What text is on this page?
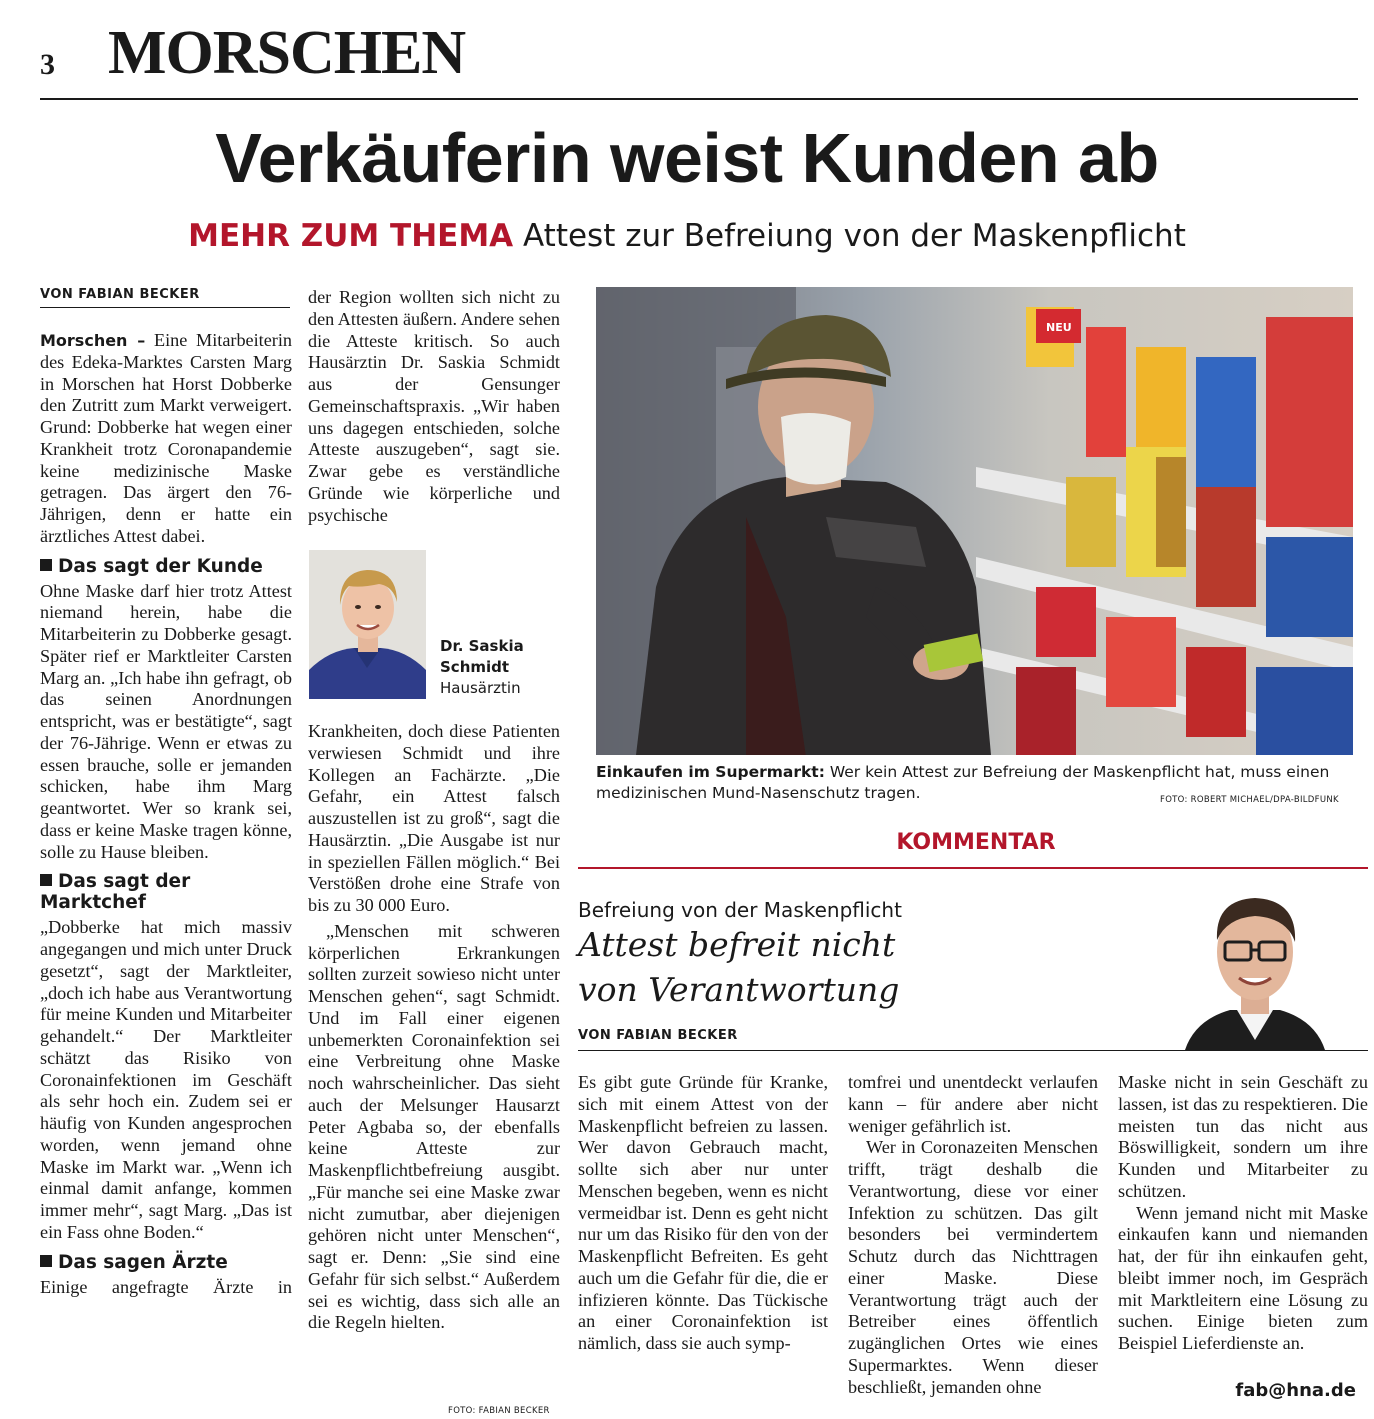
3 MORSCHEN
Verkäuferin weist Kunden ab
MEHR ZUM THEMA Attest zur Befreiung von der Maskenpflicht
VON FABIAN BECKER

Morschen – Eine Mitarbeiterin des Edeka-Marktes Carsten Marg in Morschen hat Horst Dobberke den Zutritt zum Markt verweigert. Grund: Dobberke hat wegen einer Krankheit trotz Coronapandemie keine medizinische Maske getragen. Das ärgert den 76-Jährigen, denn er hatte ein ärztliches Attest dabei.

Das sagt der Kunde

Ohne Maske darf hier trotz Attest niemand herein, habe die Mitarbeiterin zu Dobberke gesagt. Später rief er Marktleiter Carsten Marg an. „Ich habe ihn gefragt, ob das seinen Anordnungen entspricht, was er bestätigte“, sagt der 76-Jährige. Wenn er etwas zu essen brauche, solle er jemanden schicken, habe ihm Marg geantwortet. Wer so krank sei, dass er keine Maske tragen könne, solle zu Hause bleiben.

Das sagt der Marktchef

„Dobberke hat mich massiv angegangen und mich unter Druck gesetzt“, sagt der Marktleiter, „doch ich habe aus Verantwortung für meine Kunden und Mitarbeiter gehandelt.“ Der Marktleiter schätzt das Risiko von Coronainfektionen im Geschäft als sehr hoch ein. Zudem sei er häufig von Kunden angesprochen worden, wenn jemand ohne Maske im Markt war. „Wenn ich einmal damit anfange, kommen immer mehr“, sagt Marg. „Das ist ein Fass ohne Boden.“

Das sagen Ärzte

Einige angefragte Ärzte in

der Region wollten sich nicht zu den Attesten äußern. Andere sehen die Atteste kritisch. So auch Hausärztin Dr. Saskia Schmidt aus der Gensunger Gemeinschaftspraxis. „Wir haben uns dagegen entschieden, solche Atteste auszugeben“, sagt sie. Zwar gebe es verständliche Gründe wie körperliche und psychische

Dr. Saskia
Schmidt
Hausärztin

Krankheiten, doch diese Patienten verwiesen Schmidt und ihre Kollegen an Fachärzte. „Die Gefahr, ein Attest falsch auszustellen ist zu groß“, sagt die Hausärztin. „Die Ausgabe ist nur in speziellen Fällen möglich.“ Bei Verstößen drohe eine Strafe von bis zu 30 000 Euro.

„Menschen mit schweren körperlichen Erkrankungen sollten zurzeit sowieso nicht unter Menschen gehen“, sagt Schmidt. Und im Fall einer eigenen unbemerkten Coronainfektion sei eine Verbreitung ohne Maske noch wahrscheinlicher. Das sieht auch der Melsunger Hausarzt Peter Agbaba so, der ebenfalls keine Atteste zur Maskenpflichtbefreiung ausgibt. „Für manche sei eine Maske zwar nicht zumutbar, aber diejenigen gehören nicht unter Menschen“, sagt er. Denn: „Sie sind eine Gefahr für sich selbst.“ Außerdem sei es wichtig, dass sich alle an die Regeln hielten.

FOTO: FABIAN BECKER
NEU
Einkaufen im Supermarkt: Wer kein Attest zur Befreiung der Maskenpflicht hat, muss einen medizinischen Mund-Nasenschutz tragen.	FOTO: ROBERT MICHAEL/DPA-BILDFUNK
KOMMENTAR
Befreiung von der Maskenpflicht
Attest befreit nicht
von Verantwortung
VON FABIAN BECKER

Es gibt gute Gründe für Kranke, sich mit einem Attest von der Maskenpflicht befreien zu lassen. Wer davon Gebrauch macht, sollte sich aber nur unter Menschen begeben, wenn es nicht vermeidbar ist. Denn es geht nicht nur um das Risiko für den von der Maskenpflicht Befreiten. Es geht auch um die Gefahr für die, die er infizieren könnte. Das Tückische an einer Coronainfektion ist nämlich, dass sie auch symp-

tomfrei und unentdeckt verlaufen kann – für andere aber nicht weniger gefährlich ist.

Wer in Coronazeiten Menschen trifft, trägt deshalb die Verantwortung, diese vor einer Infektion zu schützen. Das gilt besonders bei vermindertem Schutz durch das Nichttragen einer Maske. Diese Verantwortung trägt auch der Betreiber eines öffentlich zugänglichen Ortes wie eines Supermarktes. Wenn dieser beschließt, jemanden ohne

Maske nicht in sein Geschäft zu lassen, ist das zu respektieren. Die meisten tun das nicht aus Böswilligkeit, sondern um ihre Kunden und Mitarbeiter zu schützen.

Wenn jemand nicht mit Maske einkaufen kann und niemanden hat, der für ihn einkaufen geht, bleibt immer noch, im Gespräch mit Marktleitern eine Lösung zu suchen. Einige bieten zum Beispiel Lieferdienste an.

fab@hna.de
